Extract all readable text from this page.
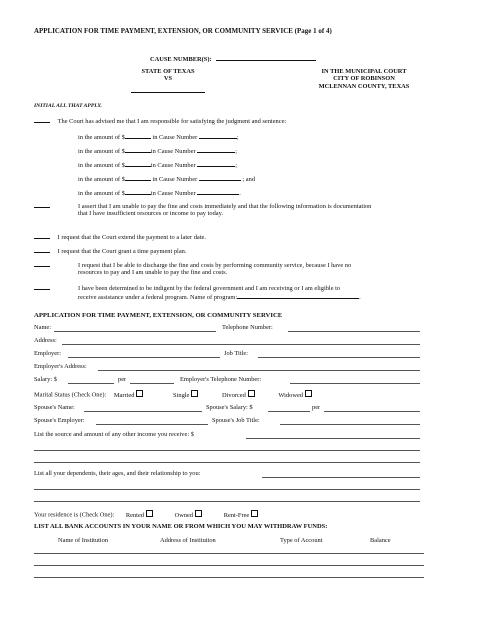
APPLICATION FOR TIME PAYMENT, EXTENSION, OR COMMUNITY SERVICE (Page 1 of 4)
CAUSE NUMBER(S):
STATE OF TEXAS
VS
IN THE MUNICIPAL COURT
CITY OF ROBINSON
MCLENNAN COUNTY, TEXAS
INITIAL ALL THAT APPLY.
The Court has advised me that I am responsible for satisfying the judgment and sentence:
in the amount of $	in Cause Number	;
in the amount of $	in Cause Number	;
in the amount of $	in Cause Number	;
in the amount of $	in Cause Number	; and
in the amount of $	in Cause Number	.
I assert that I am unable to pay the fine and costs immediately and that the following information is documentation
that I have insufficient resources or income to pay today.
I request that the Court extend the payment to a later date.
I request that the Court grant a time payment plan.
I request that I be able to discharge the fine and costs by performing community service, because I have no
resources to pay and I am unable to pay the fine and costs.
I have been determined to be indigent by the federal government and I am receiving or I am eligible to
receive assistance under a federal program. Name of program:	.
APPLICATION FOR TIME PAYMENT, EXTENSION, OR COMMUNITY SERVICE
Name:	Telephone Number:
Address:
Employer:	Job Title:
Employer's Address:
Salary: $	per	Employer's Telephone Number:
Marital Status (Check One): Married	Single	Divorced	Widowed
Spouse's Name:	Spouse's Salary: $	per
Spouse's Employer:	Spouse's Job Title:
List the source and amount of any other income you receive: $
List all your dependents, their ages, and their relationship to you:
Your residence is (Check One): Rented	Owned	Rent-Free
LIST ALL BANK ACCOUNTS IN YOUR NAME OR FROM WHICH YOU MAY WITHDRAW FUNDS:
Name of Institution	Address of Institution	Type of Account	Balance
